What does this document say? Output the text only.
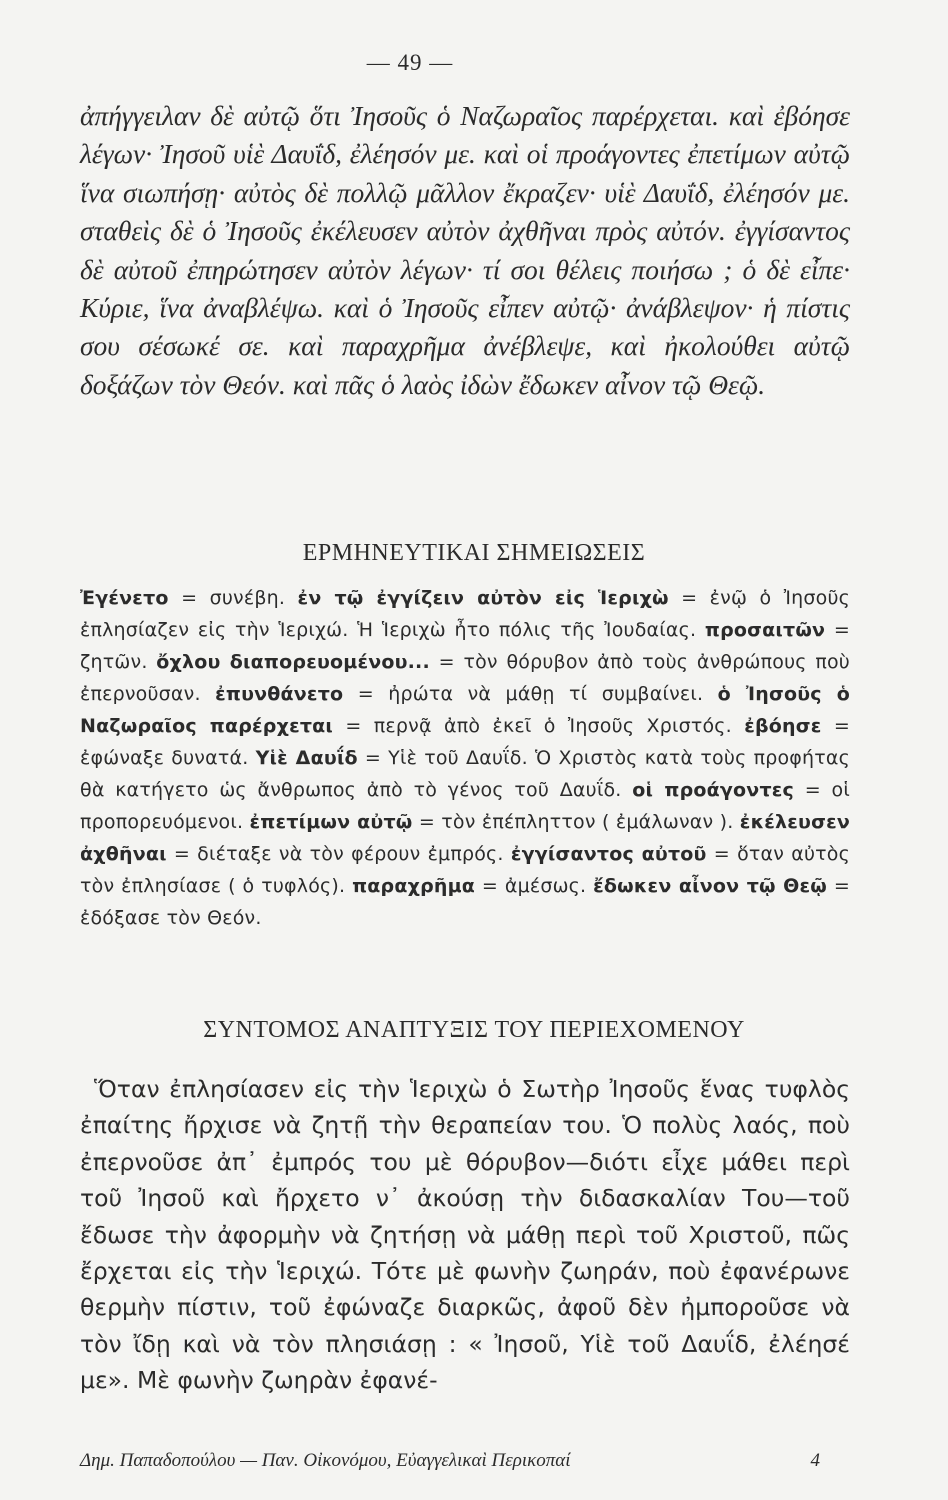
— 49 —
ἀπήγγειλαν δὲ αὐτῷ ὅτι Ἰησοῦς ὁ Ναζωραῖος παρέρχεται. καὶ ἐβόησε λέγων· Ἰησοῦ υἱὲ Δαυΐδ, ἐλέησόν με. καὶ οἱ προάγοντες ἐπετίμων αὐτῷ ἵνα σιωπήσῃ· αὐτὸς δὲ πολλῷ μᾶλλον ἔκραζεν· υἱὲ Δαυΐδ, ἐλέησόν με. σταθεὶς δὲ ὁ Ἰησοῦς ἐκέλευσεν αὐτὸν ἀχθῆναι πρὸς αὐτόν. ἐγγίσαντος δὲ αὐτοῦ ἐπηρώτησεν αὐτὸν λέγων· τί σοι θέλεις ποιήσω ; ὁ δὲ εἶπε· Κύριε, ἵνα ἀναβλέψω. καὶ ὁ Ἰησοῦς εἶπεν αὐτῷ· ἀνάβλεψον· ἡ πίστις σου σέσωκέ σε. καὶ παραχρῆμα ἀνέβλεψε, καὶ ἠκολούθει αὐτῷ δοξάζων τὸν Θεόν. καὶ πᾶς ὁ λαὸς ἰδὼν ἔδωκεν αἶνον τῷ Θεῷ.
ΕΡΜΗΝΕΥΤΙΚΑΙ ΣΗΜΕΙΩΣΕΙΣ
Ἐγένετο = συνέβη. ἐν τῷ ἐγγίζειν αὐτὸν εἰς Ἱεριχὼ = ἐνῷ ὁ Ἰησοῦς ἐπλησίαζεν εἰς τὴν Ἱεριχώ. Ἡ Ἱεριχὼ ἦτο πόλις τῆς Ἰουδαίας. προσαιτῶν = ζητῶν. ὄχλου διαπορευομένου... = τὸν θόρυβον ἀπὸ τοὺς ἀνθρώπους ποὺ ἐπερνοῦσαν. ἐπυνθάνετο = ἠρώτα νὰ μάθῃ τί συμβαίνει. ὁ Ἰησοῦς ὁ Ναζωραῖος παρέρχεται = περνᾷ ἀπὸ ἐκεῖ ὁ Ἰησοῦς Χριστός. ἐβόησε = ἐφώναξε δυνατά. Υἱὲ Δαυΐδ = Υἱὲ τοῦ Δαυΐδ. Ὁ Χριστὸς κατὰ τοὺς προφήτας θὰ κατήγετο ὡς ἄνθρωπος ἀπὸ τὸ γένος τοῦ Δαυΐδ. οἱ προάγοντες = οἱ προπορευόμενοι. ἐπετίμων αὐτῷ = τὸν ἐπέπληττον ( ἐμάλωναν ). ἐκέλευσεν ἀχθῆναι = διέταξε νὰ τὸν φέρουν ἐμπρός. ἐγγίσαντος αὐτοῦ = ὅταν αὐτὸς τὸν ἐπλησίασε ( ὁ τυφλός). παραχρῆμα = ἀμέσως. ἔδωκεν αἶνον τῷ Θεῷ = ἐδόξασε τὸν Θεόν.
ΣΥΝΤΟΜΟΣ ΑΝΑΠΤΥΞΙΣ ΤΟΥ ΠΕΡΙΕΧΟΜΕΝΟΥ
Ὅταν ἐπλησίασεν εἰς τὴν Ἱεριχὼ ὁ Σωτὴρ Ἰησοῦς ἕνας τυφλὸς ἐπαίτης ἤρχισε νὰ ζητῇ τὴν θεραπείαν του. Ὁ πολὺς λαός, ποὺ ἐπερνοῦσε ἀπ᾽ ἐμπρός του μὲ θόρυβον—διότι εἶχε μάθει περὶ τοῦ Ἰησοῦ καὶ ἤρχετο ν᾽ ἀκούσῃ τὴν διδασκαλίαν Του—τοῦ ἔδωσε τὴν ἀφορμὴν νὰ ζητήσῃ νὰ μάθῃ περὶ τοῦ Χριστοῦ, πῶς ἔρχεται εἰς τὴν Ἱεριχώ. Τότε μὲ φωνὴν ζωηράν, ποὺ ἐφανέρωνε θερμὴν πίστιν, τοῦ ἐφώναζε διαρκῶς, ἀφοῦ δὲν ἠμποροῦσε νὰ τὸν ἴδῃ καὶ νὰ τὸν πλησιάσῃ : « Ἰησοῦ, Υἱὲ τοῦ Δαυΐδ, ἐλέησέ με». Μὲ φωνὴν ζωηρὰν ἐφανέ-
Δημ. Παπαδοπούλου — Παν. Οἰκονόμου, Εὐαγγελικαὶ Περικοπαί	4
